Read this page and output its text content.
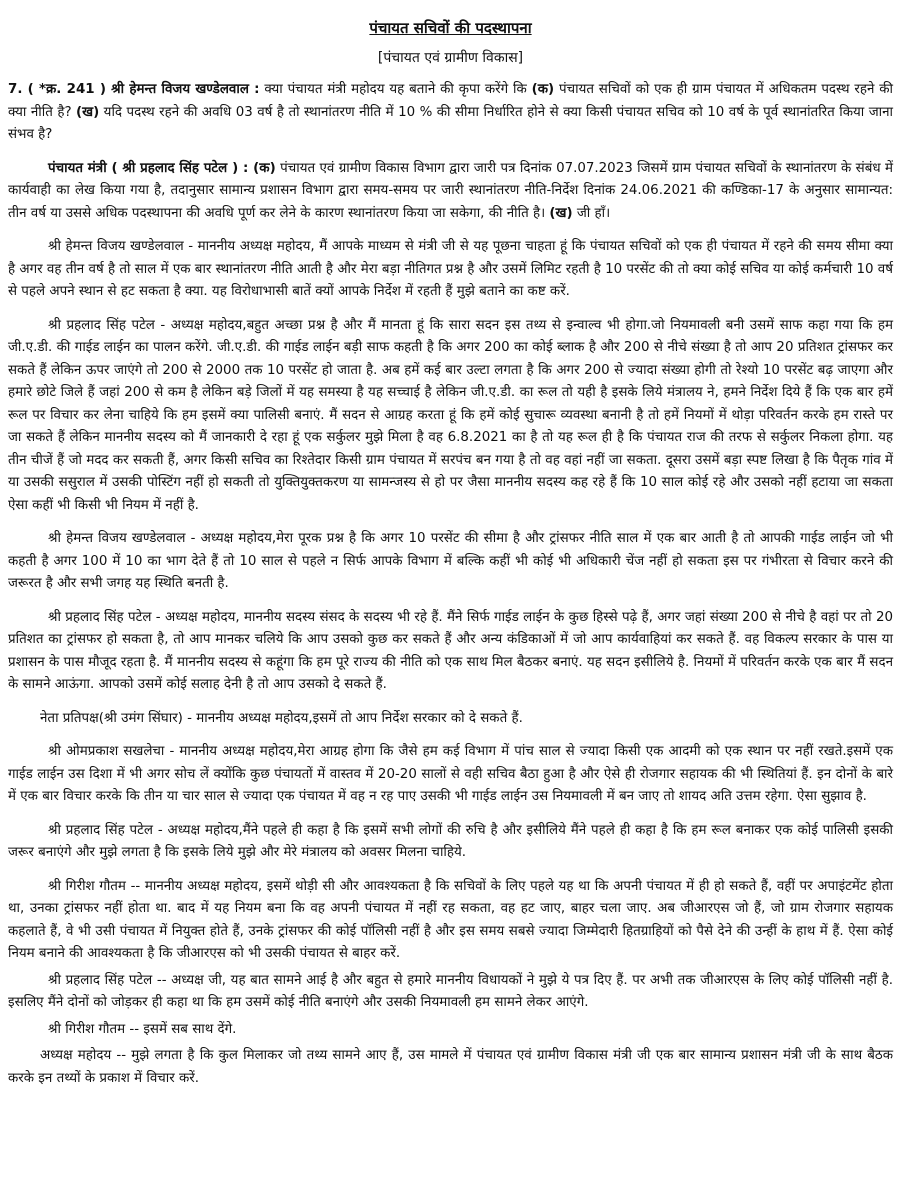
पंचायत सचिवों की पदस्थापना
[पंचायत एवं ग्रामीण विकास]

7. ( *क्र. 241 ) श्री हेमन्त विजय खण्डेलवाल : क्या पंचायत मंत्री महोदय यह बताने की कृपा करेंगे कि (क) पंचायत सचिवों को एक ही ग्राम पंचायत में अधिकतम पदस्थ रहने की क्या नीति है? (ख) यदि पदस्थ रहने की अवधि 03 वर्ष है तो स्थानांतरण नीति में 10 % की सीमा निर्धारित होने से क्या किसी पंचायत सचिव को 10 वर्ष के पूर्व स्थानांतरित किया जाना संभव है?

पंचायत मंत्री ( श्री प्रहलाद सिंह पटेल ) : (क) पंचायत एवं ग्रामीण विकास विभाग द्वारा जारी पत्र दिनांक 07.07.2023 जिसमें ग्राम पंचायत सचिवों के स्थानांतरण के संबंध में कार्यवाही का लेख किया गया है, तदानुसार सामान्य प्रशासन विभाग द्वारा समय-समय पर जारी स्थानांतरण नीति-निर्देश दिनांक 24.06.2021 की कण्डिका-17 के अनुसार सामान्यत: तीन वर्ष या उससे अधिक पदस्थापना की अवधि पूर्ण कर लेने के कारण स्थानांतरण किया जा सकेगा, की नीति है। (ख) जी हाँ।

श्री हेमन्त विजय खण्डेलवाल - माननीय अध्यक्ष महोदय, मैं आपके माध्यम से मंत्री जी से यह पूछना चाहता हूं कि पंचायत सचिवों को एक ही पंचायत में रहने की समय सीमा क्या है अगर वह तीन वर्ष है तो साल में एक बार स्थानांतरण नीति आती है और मेरा बड़ा नीतिगत प्रश्न है और उसमें लिमिट रहती है 10 परसेंट की तो क्या कोई सचिव या कोई कर्मचारी 10 वर्ष से पहले अपने स्थान से हट सकता है क्या. यह विरोधाभासी बातें क्यों आपके निर्देश में रहती हैं मुझे बताने का कष्ट करें.

श्री प्रहलाद सिंह पटेल - अध्यक्ष महोदय,बहुत अच्छा प्रश्न है और मैं मानता हूं कि सारा सदन इस तथ्य से इन्वाल्व भी होगा.जो नियमावली बनी उसमें साफ कहा गया कि हम जी.ए.डी. की गाईड लाईन का पालन करेंगे. जी.ए.डी. की गाईड लाईन बड़ी साफ कहती है कि अगर 200 का कोई ब्लाक है और 200 से नीचे संख्या है तो आप 20 प्रतिशत ट्रांसफर कर सकते हैं लेकिन ऊपर जाएंगे तो 200 से 2000 तक 10 परसेंट हो जाता है. अब हमें कई बार उल्टा लगता है कि अगर 200 से ज्यादा संख्या होगी तो रेश्यो 10 परसेंट बढ़ जाएगा और हमारे छोटे जिले हैं जहां 200 से कम है लेकिन बड़े जिलों में यह समस्या है यह सच्चाई है लेकिन जी.ए.डी. का रूल तो यही है इसके लिये मंत्रालय ने, हमने निर्देश दिये हैं कि एक बार हमें रूल पर विचार कर लेना चाहिये कि हम इसमें क्या पालिसी बनाएं. मैं सदन से आग्रह करता हूं कि हमें कोई सुचारू व्यवस्था बनानी है तो हमें नियमों में थोड़ा परिवर्तन करके हम रास्ते पर जा सकते हैं लेकिन माननीय सदस्य को मैं जानकारी दे रहा हूं एक सर्कुलर मुझे मिला है वह 6.8.2021 का है तो यह रूल ही है कि पंचायत राज की तरफ से सर्कुलर निकला होगा. यह तीन चीजें हैं जो मदद कर सकती हैं, अगर किसी सचिव का रिश्तेदार किसी ग्राम पंचायत में सरपंच बन गया है तो वह वहां नहीं जा सकता. दूसरा उसमें बड़ा स्पष्ट लिखा है कि पैतृक गांव में या उसकी ससुराल में उसकी पोस्टिंग नहीं हो सकती तो युक्तियुक्तकरण या सामन्जस्य से हो पर जैसा माननीय सदस्य कह रहे हैं कि 10 साल कोई रहे और उसको नहीं हटाया जा सकता ऐसा कहीं भी किसी भी नियम में नहीं है.

श्री हेमन्त विजय खण्डेलवाल - अध्यक्ष महोदय,मेरा पूरक प्रश्न है कि अगर 10 परसेंट की सीमा है और ट्रांसफर नीति साल में एक बार आती है तो आपकी गाईड लाईन जो भी कहती है अगर 100 में 10 का भाग देते हैं तो 10 साल से पहले न सिर्फ आपके विभाग में बल्कि कहीं भी कोई भी अधिकारी चेंज नहीं हो सकता इस पर गंभीरता से विचार करने की जरूरत है और सभी जगह यह स्थिति बनती है.

श्री प्रहलाद सिंह पटेल - अध्यक्ष महोदय, माननीय सदस्य संसद के सदस्य भी रहे हैं. मैंने सिर्फ गाईड लाईन के कुछ हिस्से पढ़े हैं, अगर जहां संख्या 200 से नीचे है वहां पर तो 20 प्रतिशत का ट्रांसफर हो सकता है, तो आप मानकर चलिये कि आप उसको कुछ कर सकते हैं और अन्य कंडिकाओं में जो आप कार्यवाहियां कर सकते हैं. वह विकल्प सरकार के पास या प्रशासन के पास मौजूद रहता है. मैं माननीय सदस्य से कहूंगा कि हम पूरे राज्य की नीति को एक साथ मिल बैठकर बनाएं. यह सदन इसीलिये है. नियमों में परिवर्तन करके एक बार मैं सदन के सामने आऊंगा. आपको उसमें कोई सलाह देनी है तो आप उसको दे सकते हैं.

नेता प्रतिपक्ष(श्री उमंग सिंघार) - माननीय अध्यक्ष महोदय,इसमें तो आप निर्देश सरकार को दे सकते हैं.

श्री ओमप्रकाश सखलेचा - माननीय अध्यक्ष महोदय,मेरा आग्रह होगा कि जैसे हम कई विभाग में पांच साल से ज्यादा किसी एक आदमी को एक स्थान पर नहीं रखते.इसमें एक गाईड लाईन उस दिशा में भी अगर सोच लें क्योंकि कुछ पंचायतों में वास्तव में 20-20 सालों से वही सचिव बैठा हुआ है और ऐसे ही रोजगार सहायक की भी स्थितियां हैं. इन दोनों के बारे में एक बार विचार करके कि तीन या चार साल से ज्यादा एक पंचायत में वह न रह पाए उसकी भी गाईड लाईन उस नियमावली में बन जाए तो शायद अति उत्तम रहेगा. ऐसा सुझाव है.

श्री प्रहलाद सिंह पटेल - अध्यक्ष महोदय,मैंने पहले ही कहा है कि इसमें सभी लोगों की रुचि है और इसीलिये मैंने पहले ही कहा है कि हम रूल बनाकर एक कोई पालिसी इसकी जरूर बनाएंगे और मुझे लगता है कि इसके लिये मुझे और मेरे मंत्रालय को अवसर मिलना चाहिये.

श्री गिरीश गौतम -- माननीय अध्यक्ष महोदय, इसमें थोड़ी सी और आवश्यकता है कि सचिवों के लिए पहले यह था कि अपनी पंचायत में ही हो सकते हैं, वहीं पर अपाइंटमेंट होता था, उनका ट्रांसफर नहीं होता था. बाद में यह नियम बना कि वह अपनी पंचायत में नहीं रह सकता, वह हट जाए, बाहर चला जाए. अब जीआरएस जो हैं, जो ग्राम रोजगार सहायक कहलाते हैं, वे भी उसी पंचायत में नियुक्त होते हैं, उनके ट्रांसफर की कोई पॉलिसी नहीं है और इस समय सबसे ज्यादा जिम्मेदारी हितग्राहियों को पैसे देने की उन्हीं के हाथ में हैं. ऐसा कोई नियम बनाने की आवश्यकता है कि जीआरएस को भी उसकी पंचायत से बाहर करें.

श्री प्रहलाद सिंह पटेल -- अध्यक्ष जी, यह बात सामने आई है और बहुत से हमारे माननीय विधायकों ने मुझे ये पत्र दिए हैं. पर अभी तक जीआरएस के लिए कोई पॉलिसी नहीं है. इसलिए मैंने दोनों को जोड़कर ही कहा था कि हम उसमें कोई नीति बनाएंगे और उसकी नियमावली हम सामने लेकर आएंगे.

श्री गिरीश गौतम -- इसमें सब साथ देंगे.

अध्यक्ष महोदय -- मुझे लगता है कि कुल मिलाकर जो तथ्य सामने आए हैं, उस मामले में पंचायत एवं ग्रामीण विकास मंत्री जी एक बार सामान्य प्रशासन मंत्री जी के साथ बैठक करके इन तथ्यों के प्रकाश में विचार करें.
